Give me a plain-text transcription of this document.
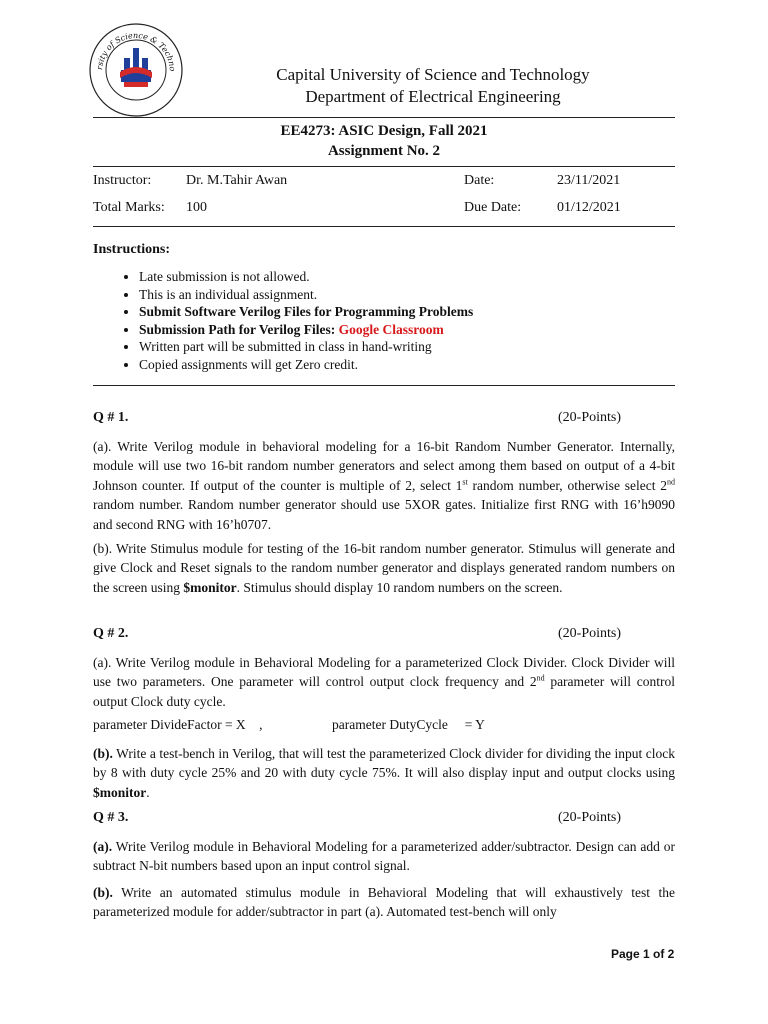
rsity of Science & Techno	Capital University of Science and Technology
Department of Electrical Engineering
EE4273: ASIC Design, Fall 2021
Assignment No. 2
Instructor: Dr. M.Tahir Awan	Date:	23/11/2021
Total Marks: 100	Due Date:	01/12/2021
Instructions:
• Late submission is not allowed.
• This is an individual assignment.
• Submit Software Verilog Files for Programming Problems
• Submission Path for Verilog Files: Google Classroom
• Written part will be submitted in class in hand-writing
• Copied assignments will get Zero credit.
Q # 1.	(20-Points)
(a). Write Verilog module in behavioral modeling for a 16-bit Random Number Generator. Internally, module will use two 16-bit random number generators and select among them based on output of a 4-bit Johnson counter. If output of the counter is multiple of 2, select 1st random number, otherwise select 2nd random number. Random number generator should use 5XOR gates. Initialize first RNG with 16’h9090 and second RNG with 16’h0707.
(b). Write Stimulus module for testing of the 16-bit random number generator. Stimulus will generate and give Clock and Reset signals to the random number generator and displays generated random numbers on the screen using $monitor. Stimulus should display 10 random numbers on the screen.
Q # 2.	(20-Points)
(a). Write Verilog module in Behavioral Modeling for a parameterized Clock Divider. Clock Divider will use two parameters. One parameter will control output clock frequency and 2nd parameter will control output Clock duty cycle.
parameter DivideFactor = X    ,	parameter DutyCycle     = Y
(b). Write a test-bench in Verilog, that will test the parameterized Clock divider for dividing the input clock by 8 with duty cycle 25% and 20 with duty cycle 75%. It will also display input and output clocks using $monitor.
Q # 3.	(20-Points)
(a). Write Verilog module in Behavioral Modeling for a parameterized adder/subtractor. Design can add or subtract N-bit numbers based upon an input control signal.
(b). Write an automated stimulus module in Behavioral Modeling that will exhaustively test the parameterized module for adder/subtractor in part (a). Automated test-bench will only
Page 1 of 2
